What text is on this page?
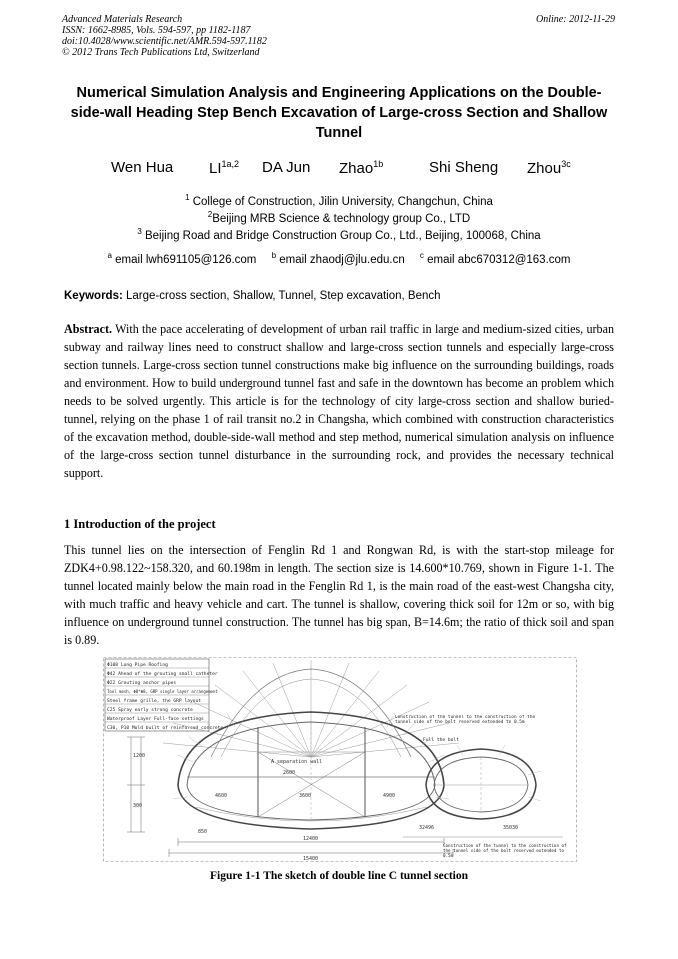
Advanced Materials Research
ISSN: 1662-8985, Vols. 594-597, pp 1182-1187
doi:10.4028/www.scientific.net/AMR.594-597.1182
© 2012 Trans Tech Publications Ltd, Switzerland
Online: 2012-11-29
Numerical Simulation Analysis and Engineering Applications on the Double-side-wall Heading Step Bench Excavation of Large-cross Section and Shallow Tunnel
Wen Hua $LI^{1a,2}$ DA Jun Zhao$^{1b}$	Shi Sheng Zhou$^{3c}$
$^1$ College of Construction, Jilin University, Changchun, China
$^2$Beijing MRB Science & technology group Co., LTD
$^3$ Beijing Road and Bridge Construction Group Co., Ltd., Beijing, 100068, China
$^a$ email lwh691105@126.com $^b$ email zhaodj@jlu.edu.cn $^c$ email abc670312@163.com
Keywords: Large-cross section, Shallow, Tunnel, Step excavation, Bench
Abstract. With the pace accelerating of development of urban rail traffic in large and medium-sized cities, urban subway and railway lines need to construct shallow and large-cross section tunnels and especially large-cross section tunnels. Large-cross section tunnel constructions make big influence on the surrounding buildings, roads and environment. How to build underground tunnel fast and safe in the downtown has become an problem which needs to be solved urgently. This article is for the technology of city large-cross section and shallow buried-tunnel, relying on the phase 1 of rail transit no.2 in Changsha, which combined with construction characteristics of the excavation method, double-side-wall method and step method, numerical simulation analysis on influence of the large-cross section tunnel disturbance in the surrounding rock, and provides the necessary technical support.
1 Introduction of the project
This tunnel lies on the intersection of Fenglin Rd 1 and Rongwan Rd, is with the start-stop mileage for ZDK4+0.98.122~158.320, and 60.198m in length. The section size is 14.600*10.769, shown in Figure 1-1. The tunnel located mainly below the main road in the Fenglin Rd 1, is the main road of the east-west Changsha city, with much traffic and heavy vehicle and cart. The tunnel is shallow, covering thick soil for 12m or so, with big influence on underground tunnel construction. The tunnel has big span, B=14.6m; the ratio of thick soil and span is 0.89.
Φ108 Long Pipe Roofing
Φ42 Ahead of the grouting small catheter
Φ22 Grouting anchor pipes
Tool mesh, Φ8*Φ8, GRP single layer arrangement
Steel frame grille, the GRP layout
C25 Spray early strong concrete
Waterproof Layer Full-face settings
C30, P10 Mold built of reinforced concrete
A separation wall
2600
4600	3600	4900
1200
300
850
12400
15400
32496	35030
Construction of the tunnel to the construction of the tunnel side of the bolt reserved extended to 0.5m
Full the bolt
Construction of the tunnel to the construction of the tunnel side of the bolt reserved extended to 0.5m
Figure 1-1 The sketch of double line C tunnel section
